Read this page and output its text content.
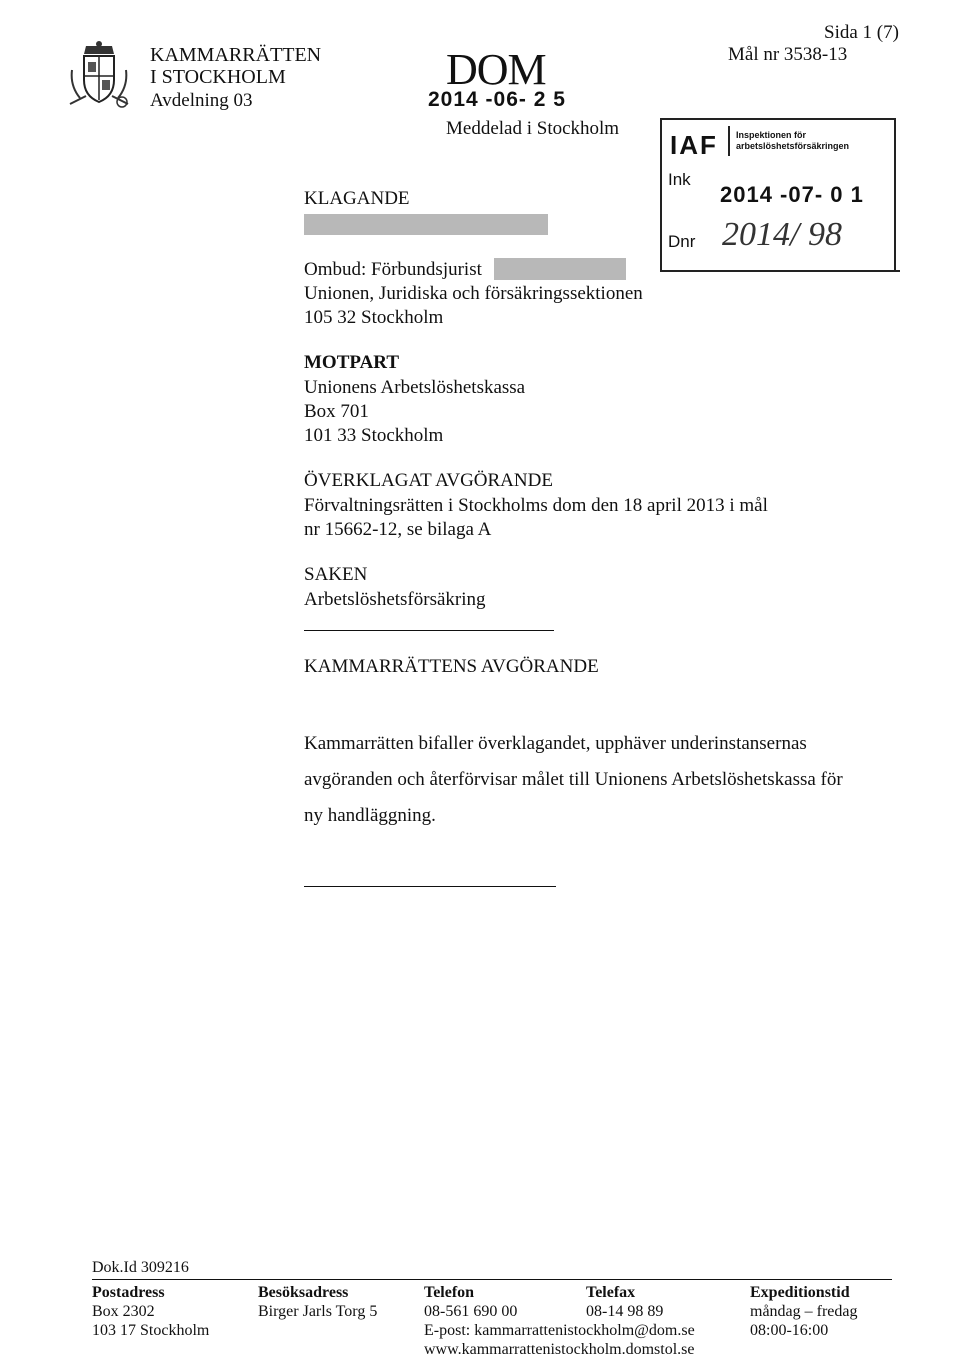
KAMMARRÄTTEN
I STOCKHOLM
Avdelning 03
DOM
2014 -06- 2 5
Meddelad i Stockholm
Sida 1 (7)
Mål nr 3538-13
IAF Inspektionen för
arbetslöshetsförsäkringen
Ink
2014 -07- 0 1
Dnr 2014/ 98
KLAGANDE
Ombud: Förbundsjurist
Unionen, Juridiska och försäkringssektionen
105 32 Stockholm
MOTPART
Unionens Arbetslöshetskassa
Box 701
101 33 Stockholm
ÖVERKLAGAT AVGÖRANDE
Förvaltningsrätten i Stockholms dom den 18 april 2013 i mål
nr 15662-12, se bilaga A
SAKEN
Arbetslöshetsförsäkring
KAMMARRÄTTENS AVGÖRANDE
Kammarrätten bifaller överklagandet, upphäver underinstansernas
avgöranden och återförvisar målet till Unionens Arbetslöshetskassa för
ny handläggning.
Dok.Id 309216
Postadress
Box 2302
103 17 Stockholm
Besöksadress
Birger Jarls Torg 5
Telefon
08-561 690 00
E-post: kammarrattenistockholm@dom.se
www.kammarrattenistockholm.domstol.se
Telefax
08-14 98 89
Expeditionstid
måndag – fredag
08:00-16:00
